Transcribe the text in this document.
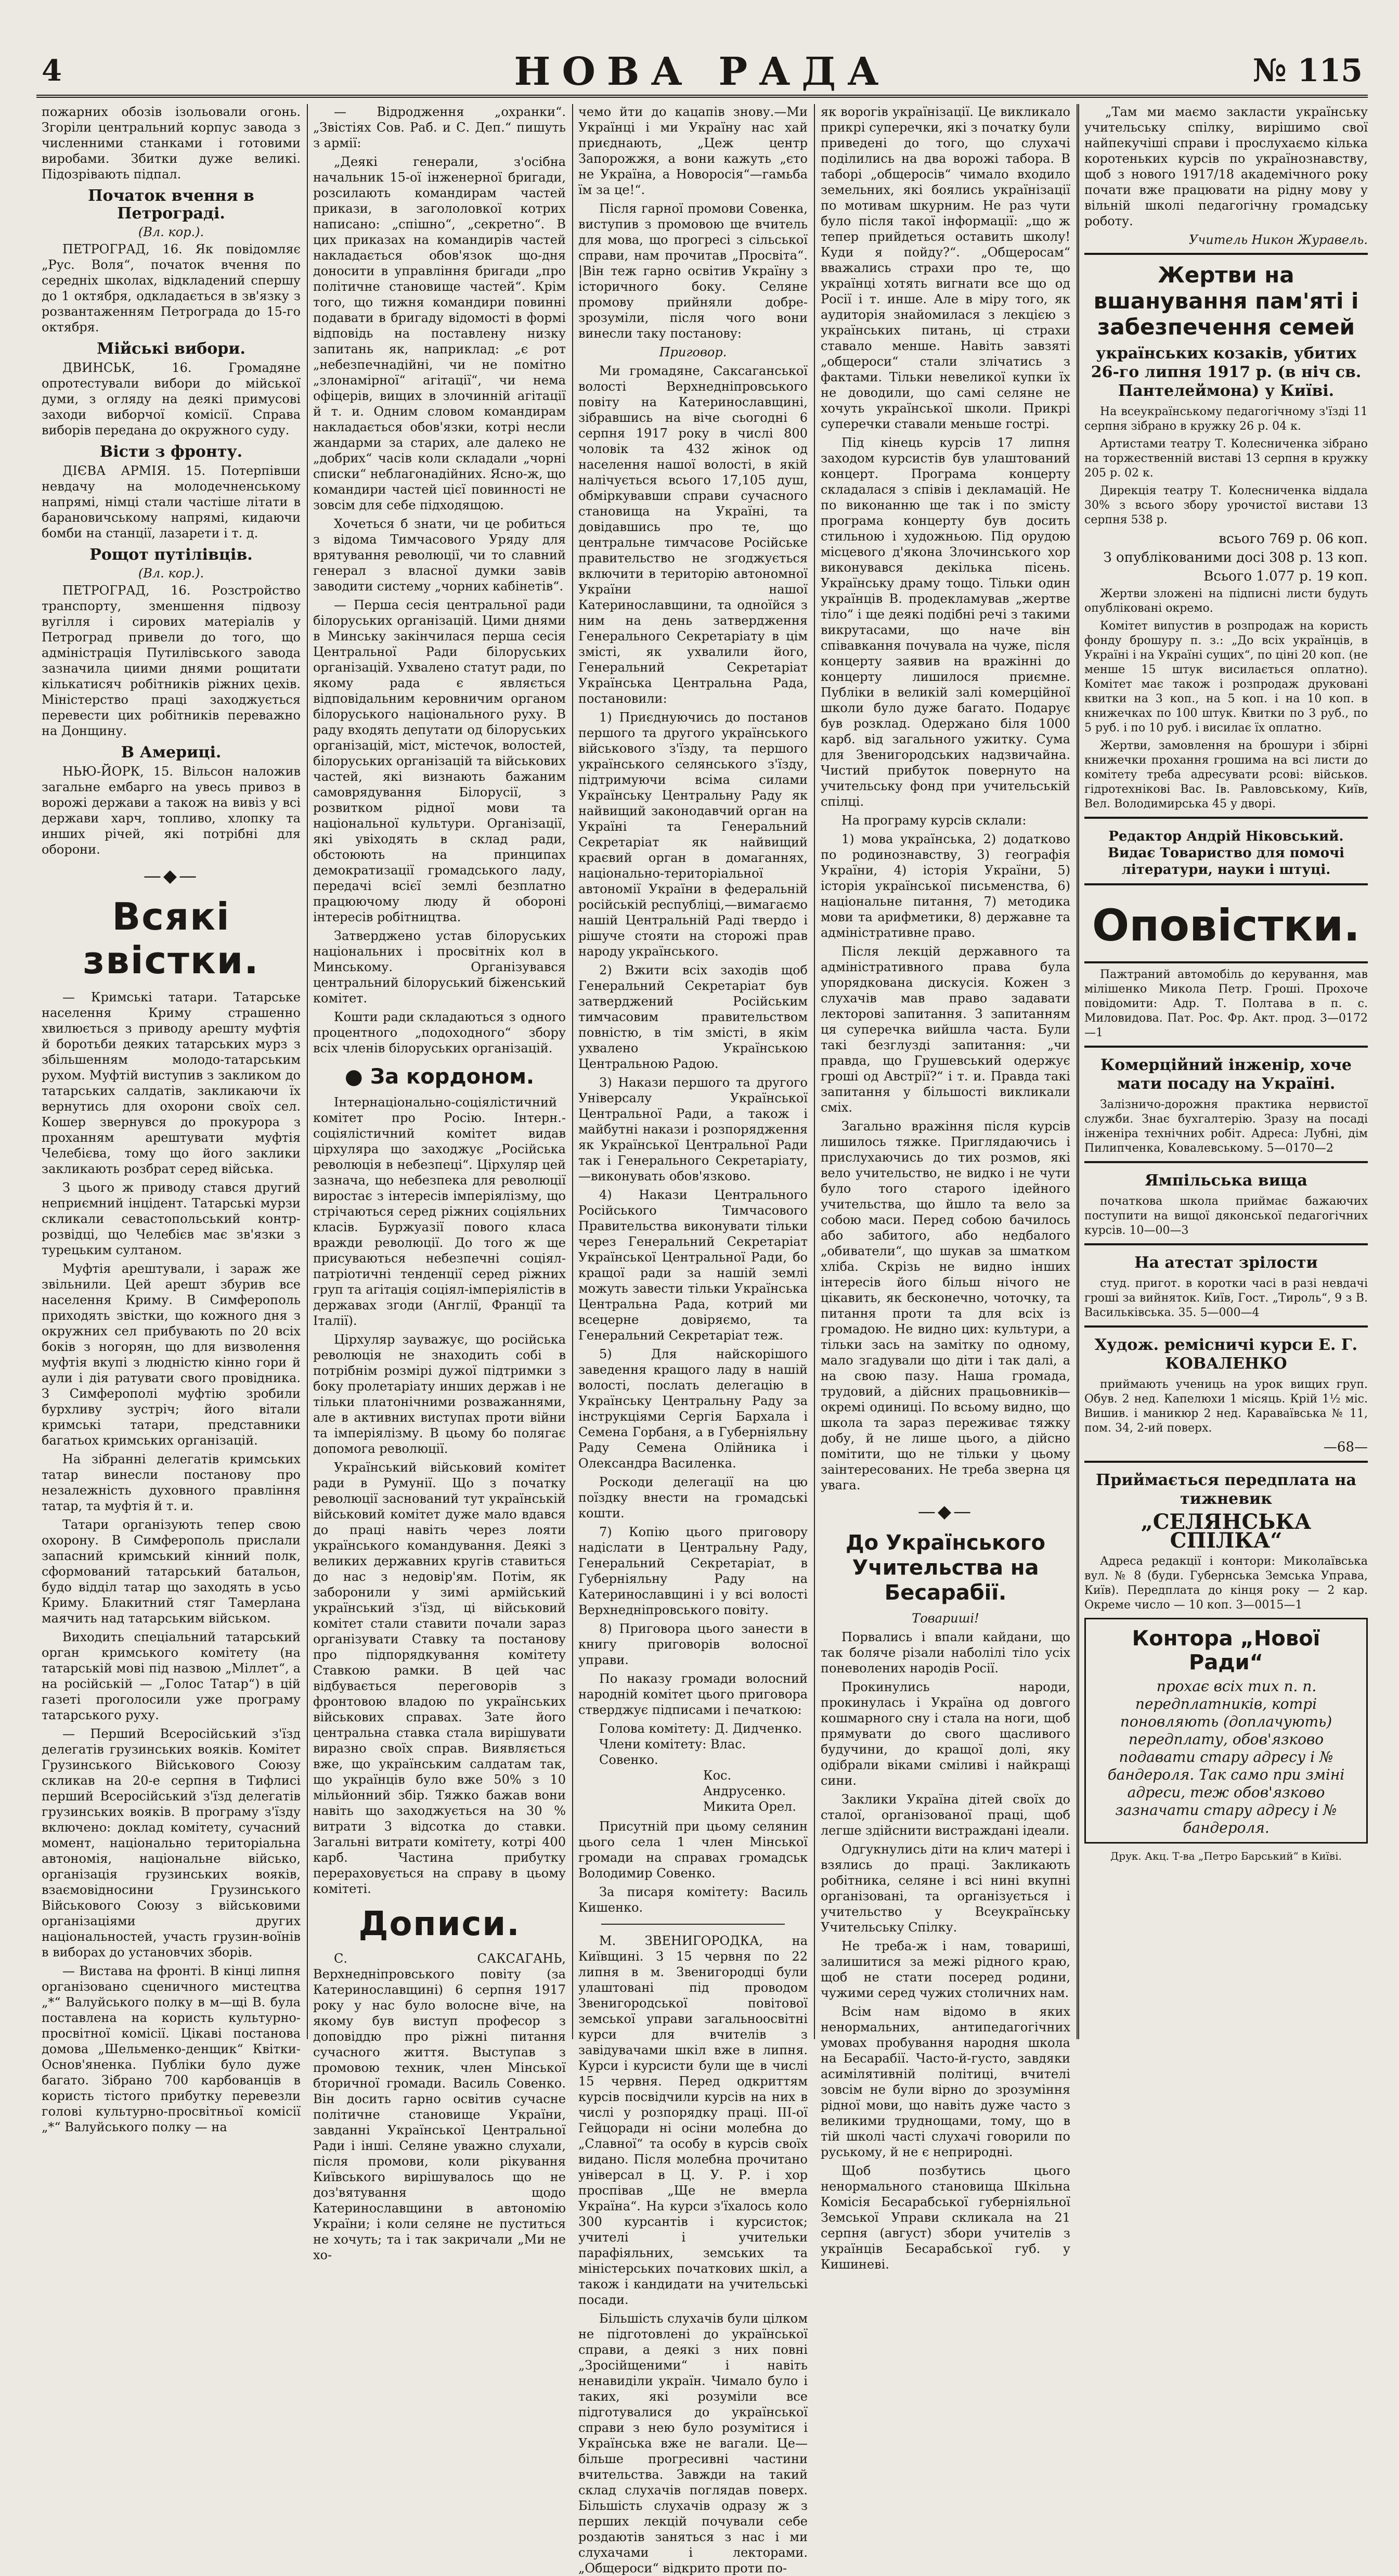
4	НОВА РАДА	№ 115

пожарних обозів ізольовали огонь. Згоріли центральний корпус завода з численними станками і готовими виробами. Збитки дуже великі. Підозрівають підпал.

Початок вчення в Петрограді.
(Вл. кор.).

ПЕТРОГРАД, 16. Як повідомляє „Рус. Воля“, початок вчення по середніх школах, відкладений спершу до 1 октября, одкладається в зв'язку з розвантаженням Петрограда до 15-го октября.

Мійські вибори.

ДВИНСЬК, 16. Громадяне опротестували вибори до мійської думи, з огляду на деякі примусові заходи виборчої комісії. Справа виборів передана до окружного суду.

Вісти з фронту.

ДІЄВА АРМІЯ. 15. Потерпівши невдачу на молодечненському напрямі, німці стали частіше літати в барановичському напрямі, кидаючи бомби на станції, лазарети і т. д.

Рощот путілівців.
(Вл. кор.).

ПЕТРОГРАД, 16. Розстройство транспорту, зменшення підвозу вугілля і сирових матеріалів у Петроград привели до того, що адміністрація Путилівського завода зазначила циими днями рощитати кількатисяч робітників ріжних цехів. Міністерство праці заходжується перевести цих робітників переважно на Донщину.

В Америці.

НЬЮ-ЙОРК, 15. Вільсон наложив загальне ембарго на увесь привоз в ворожі держави а також на вивіз у всі держави харч, топливо, хлопку та инших річей, які потрібні для оборони.

—◆—
Всякі звістки.

— Кримські татари. Татарське населення Криму страшенно хвилюється з приводу арешту муфтія й боротьби деяких татарських мурз з збільшенням молодо-татарським рухом. Муфтій виступив з закликом до татарських салдатів, закликаючи їх вернутись для охорони своїх сел. Кошер звернувся до прокурора з проханням арештувати муфтія Челебієва, тому що його заклики закликають розбрат серед війська.

З цього ж приводу стався другий неприємний інцідент. Татарські мурзи скликали севастопольський контр-розвідці, що Челебієв має зв'язки з турецьким султаном.

Муфтія арештували, і зараж же звільнили. Цей арешт збурив все населення Криму. В Симферополь приходять звістки, що кожного дня з окружних сел прибувають по 20 всіх боків з ногорян, що для визволення муфтія вкупі з людністю кінно гори й аули і дія ратувати свого провідника. З Симферополі муфтію зробили бурхливу зустріч; його вітали кримські татари, представники багатьох кримських організацій.

На зібранні делегатів кримських татар винесли постанову про незалежність духовного правління татар, та муфтія й т. и.

Татари організують тепер свою охорону. В Симферополь прислали запасний кримський кінний полк, сформований татарський батальон, будо відділ татар що заходять в усьо Криму. Блакитний стяг Тамерлана маячить над татарським військом.

Виходить спеціальний татарський орган кримського комітету (на татарській мові під назвою „Міллет“, а на російській — „Голос Татар“) в цій газеті проголосили уже програму татарського руху.

— Перший Всеросійський з'їзд делегатів грузинських вояків. Комітет Грузинського Військового Союзу скликав на 20-е серпня в Тифлисі перший Всеросійський з'їзд делегатів грузинських вояків. В програму з'їзду включено: доклад комітету, сучасний момент, національно територіальна автономія, національне військо, організація грузинських вояків, взаємовідносини Грузинського Військового Союзу з військовими організаціями других національностей, участь грузин-воїнів в виборах до установчих зборів.

— Вистава на фронті. В кінці липня організовано сценичного мистецтва „*“ Валуйського полку в м—щі В. була поставлена на користь культурно-просвітної комісії. Цікаві постанова домова „Шельменко-денщик“ Квітки-Основ'яненка. Публіки було дуже багато. Зібрано 700 карбованців в користь тістого прибутку перевезли голові культурно-просвітньої комісії „*“ Валуйського полку — на

— Відродження „охранки“. „Звістіях Сов. Раб. и С. Деп.“ пишуть з армії:

„Деякі генерали, з'осібна начальник 15-ої інженерної бригади, розсилають командирам частей прикази, в загололовкої котрих написано: „спішно“, „секретно“. В цих приказах на командирів частей накладається обов'язок що-дня доносити в управління бригади „про політичне становище частей“. Крім того, що тижня командири повинні подавати в бригаду відомості в формі відповідь на поставлену низку запитань як, наприклад: „є рот „небезпечнадійні, чи не помітно „злонамірної“ агітації“, чи нема офіцерів, вищих в злочинній агітації й т. и. Одним словом командирам накладається обов'язки, котрі несли жандарми за старих, але далеко не „добрих“ часів коли складали „чорні списки“ неблагонадійних. Ясно-ж, що командири частей цієї повинності не зовсім для себе підходящою.

Хочеться б знати, чи це робиться з відома Тимчасового Уряду для врятування революції, чи то славний генерал з власної думки завів заводити систему „чорних кабінетів“.

— Перша сесія центральної ради білоруських організацій. Цими днями в Минську закінчилася перша сесія Центральної Ради білоруських організацій. Ухвалено статут ради, по якому рада є являється відповідальним керовничим органом білоруського національного руху. В раду входять депутати од білоруських організацій, міст, містечок, волостей, білоруських організацій та військових частей, які визнають бажаним самоврядування Білорусії, з розвитком рідної мови та національної культури. Організації, які увіходять в склад ради, обстоюють на принципах демократизації громадського ладу, передачі всієї землі безплатно працюючому люду й обороні інтересів робітництва.

Затверджено устав білоруських національних і просвітніх кол в Минському. Організувався центральний білоруський біженський комітет.

Кошти ради складаються з одного процентного „подоходного“ збору всіх членів білоруських організацій.

● За кордоном.

Інтернаціонально-соціялістичний комітет про Росію. Інтерн.-соціялістичний комітет видав цірхуляра що заходжує „Російська революція в небезпеці“. Цірхуляр цей зазнача, що небезпека для революції виростає з інтересів імперіялізму, що стрічаються серед ріжних соціяльних класів. Буржуазії пового класа вражди революції. До того ж ще присуваються небезпечні соціял-патріотичні тенденції серед ріжних груп та агітація соціял-імперіялістів в державах згоди (Англії, Франції та Італії).

Цірхуляр зауважує, що російська революція не знаходить собі в потрібнім розмірі дужої підтримки з боку пролетаріату инших держав і не тільки платонічними розважаннями, але в активних виступах проти війни та імперіялізму. В цьому бо полягає допомога революції.

Український військовий комітет ради в Румунії. Що з початку революції заснований тут українській військовий комітет дуже мало вдався до праці навіть через лояти українського командування. Деякі з великих державних кругів ставиться до нас з недовір'ям. Потім, як заборонили у зимі армійський український з'їзд, ці військовий комітет стали ставити почали зараз організувати Ставку та постанову про підпорядкування комітету Ставкою рамки. В цей час відбувається переговорів з фронтовою владою по українських військових справах. Зате його центральна ставка стала вирішувати виразно своїх справ. Виявляється вже, що українським салдатам так, що українців було вже 50% з 10 мільйонний збір. Тяжко бажав вони навіть що заходжується на 30 % витрати 3 відсотка до ставки. Загальні витрати комітету, котрі 400 карб. Частина прибутку перераховується на справу в цьому комітеті.

Дописи.

С. САКСАГАНЬ, Верхнедніпровського повіту (за Катеринославщині) 6 серпня 1917 року у нас було волосне віче, на якому був виступ професор з доповіддю про ріжні питання сучасного життя. Выступав з промовою техник, член Мінської бторичної громади. Василь Совенко. Він досить гарно освітив сучасне політичне становище України, завданні Української Центральної Ради і інші. Селяне уважно слухали, після промови, коли рікування Київського вирішувалось що не доз'вятування щодо Катеринославщини в автономію України; і коли селяне не пуститься не хочуть; та і так закричали „Ми не хо-

чемо йти до кацапів знову.—Ми Українці і ми Україну нас хай приєднають, „Цеж центр Запорожжя, а вони кажуть „єто не Україна, а Новоросія“—гамьба їм за це!“.

Після гарної промови Совенка, виступив з промовою ще вчитель для мова, що прогресі з сільської справи, нам прочитав „Просвіта“. |Він теж гарно освітив Україну з історичного боку. Селяне промову прийняли добре-зрозуміли, після чого вони винесли таку постанову:

Приговор.

Ми громадяне, Саксаганської волості Верхнедніпровського повіту на Катеринославщині, зібравшись на віче сьогодні 6 серпня 1917 року в числі 800 чоловік та 432 жінок од населення нашої волості, в якій налічується всього 17,105 душ, обміркувавши справи сучасного становища на Україні, та довідавшись про те, що центральне тимчасове Російське правительство не згоджується включити в територію автономної України нашої Катеринославщини, та одноїйся з ним на день затвердження Генерального Секретаріату в цім змісті, як ухвалили його, Генеральний Секретаріат Українська Центральна Рада, постановили:

1) Приєднуючись до постанов першого та другого українського військового з'їзду, та першого українського селянського з'їзду, підтримуючи всіма силами Українську Центральну Раду як найвищий законодавчий орган на Україні та Генеральний Секретаріат як найвищий краєвий орган в домаганнях, національно-територіальної автономії України в федеральній російській республіці,—вимагаємо нашій Центральній Раді твердо і рішуче стояти на сторожі прав народу українського.

2) Вжити всіх заходів щоб Генеральний Секретаріат був затверджений Російським тимчасовим правительством повністю, в тім змісті, в якім ухвалено Українською Центральною Радою.

3) Накази першого та другого Універсалу Української Центральної Ради, а також і майбутні накази і розпорядження як Української Центральної Ради так і Генерального Секретаріату,—виконувать обов'язково.

4) Накази Центрального Російського Тимчасового Правительства виконувати тільки через Генеральний Секретаріат Української Центральної Ради, бо кращої ради за нашій землі можуть завести тільки Українська Центральна Рада, котрий ми всецерне довіряємо, та Генеральний Секретаріат теж.

5) Для найскорішого заведення кращого ладу в нашій волості, послать делегацію в Українську Центральну Раду за інструкціями Сергія Бархала і Семена Горбаня, а в Губерніяльну Раду Семена Олійника і Олександра Василенка.

Роскоди делегації на цю поїздку внести на громадські кошти.

7) Копію цього приговору надіслати в Центральну Раду, Генеральний Секретаріат, в Губерніяльну Раду на Катеринославщині і у всі волості Верхнедніпровського повіту.

8) Приговора цього занести в книгу приговорів волосної управи.

По наказу громади волосний народній комітет цього приговора стверджує підписами і печаткою:

Голова комітету: Д. Дидченко.
Члени комітету: Влас. Совенко.
Кос. Андрусенко.
Микита Орел.

Присутній при цьому селянин цього села 1 член Мінської громади на справах громадськ Володимир Совенко.

За писаря комітету: Василь Кишенко.

М. ЗВЕНИГОРОДКА, на Київщині. З 15 червня по 22 липня в м. Звенигородці були улаштовані під проводом Звенигородської повітової земської управи загальноосвітні курси для вчителів з завідувачами шкіл вже в липня. Курси і курсисти були ще в числі 15 червня. Перед одкриттям курсів посвідчили курсів на них в числі у розпорядку праці. ІІІ-ої Гейцоради ні осіни молебна до „Славної“ та особу в курсів своїх видано. Після молебна прочитано універсал в Ц. У. Р. і хор проспівав „Ще не вмерла Україна“. На курси з'їхалось коло 300 курсантів і курсисток; учителі і учительки парафіяльних, земських та міністерських початкових шкіл, а також і кандидати на учительські посади.

Більшість слухачів були цілком не підготовлені до української справи, а деякі з них повні „Зросійщеними“ і навіть ненавиділи україн. Чимало було і таких, які розуміли все підготувалися до української справи з нею було розумітися і Українська вже не вагали. Це—більше прогресивні частини вчительства. Завжди на такий склад слухачів поглядав поверх. Більшість слухачів одразу ж з перших лекцій почували себе роздаютів заняться з нас і ми слухачами і лекторами. „Общероси“ відкрито проти по-

як ворогів українізації. Це викликало прикрі суперечки, які з початку були приведені до того, що слухачі поділились на два ворожі табора. В таборі „общеросів“ чимало входило земельних, які боялись українізації по мотивам шкурним. Не раз чути було після такої інформації: „що ж тепер прийдеться оставить школу! Куди я пойду?“. „Общеросам“ вважались страхи про те, що українці хотять вигнати все що од Росії і т. инше. Але в міру того, як аудиторія знайомилася з лекцією з українських питань, ці страхи ставало менше. Навіть завзяті „общероси“ стали злічатись з фактами. Тільки невеликої купки їх не доводили, що самі селяне не хочуть української школи. Прикрі суперечки ставали меньше гострі.

Під кінець курсів 17 липня заходом курсистів був улаштований концерт. Програма концерту складалася з співів і декламацій. Не по виконанню ще так і по змісту програма концерту був досить стильною і художньою. Під орудою місцевого д'якона Злочинського хор виконувався декілька пісень. Українську драму тощо. Тільки один українців В. продекламував „жертве тіло“ і ще деякі подібні речі з такими викрутасами, що наче він співавкання почувала на чуже, після концерту заявив на вражінні до концерту лишилося приємне. Публіки в великій залі комерційної школи було дуже багато. Подарує був розклад. Одержано біля 1000 карб. від загального ужитку. Сума для Звенигородських надзвичайна. Чистий прибуток повернуто на учительську фонд при учительській спілці.

На програму курсів склали:

1) мова українська, 2) додатково по родинознавству, 3) географія України, 4) історія України, 5) історія української письменства, 6) національне питання, 7) методика мови та арифметики, 8) державне та адміністративне право.

Після лекцій державного та адміністративного права була упорядкована дискусія. Кожен з слухачів мав право задавати лекторові запитання. З запитанням ця суперечка вийшла часта. Були такі безглузді запитання: „чи правда, що Грушевський одержує гроші од Австрії?“ і т. и. Правда такі запитання у більшості викликали сміх.

Загально вражіння після курсів лишилось тяжке. Приглядаючись і прислухаючись до тих розмов, які вело учительство, не видко і не чути було того старого ідейного учительства, що йшло та вело за собою маси. Перед собою бачилось або забитого, або недбалого „обиватели“, що шукав за шматком хліба. Скрізь не видно інших інтересів його більш нічого не цікавить, як бесконечно, чоточку, та питання проти та для всіх із громадою. Не видно цих: культури, а тільки зась на замітку по одному, мало згадували що діти і так далі, а на свою пазу. Наша громада, трудовий, а дійсних працьовників—окремі одиниці. По всьому видно, що школа та зараз переживає тяжку добу, й не лише цього, а дійсно помітити, що не тільки у цьому заінтересованих. Не треба зверна ця увага.

—◆—
До Українського Учительства на Бесарабії.
Товариші!

Порвались і впали кайдани, що так боляче різали наболілі тіло усіх поневолених народів Росії.

Прокинулись народи, прокинулась і Україна од довгого кошмарного сну і стала на ноги, щоб прямувати до свого щасливого будучини, до кращої долі, яку одібрали віками сміливі і найкращі сини.

Заклики Україна дітей своїх до сталої, організованої праці, щоб легше здійснити вистраждані ідеали.

Одгукнулись діти на клич матері і взялись до праці. Закликають робітника, селяне і всі нині вкупні організовані, та організується і учительство у Всеукраїнську Учительську Спілку.

Не треба-ж і нам, товариші, залишитися за межі рідного краю, щоб не стати посеред родини, чужими серед чужих столичних нам.

Всім нам відомо в яких ненормальних, антипедагогічних умовах пробування народня школа на Бесарабії. Часто-й-густо, завдяки асимілятивній політиці, вчителі зовсім не були вірно до зрозуміння рідної мови, що навіть дуже часто з великими труднощами, тому, що в тій школі часті слухачі говорили по руському, й не є неприродні.

Щоб позбутись цього ненормального становища Шкільна Комісія Бесарабської губерніяльної Земської Управи скликала на 21 серпня (август) збори учителів з українців Бесарабської губ. у Кишиневі.

„Там ми маємо закласти українську учительську спілку, вирішимо свої найпекучіші справи і прослухаємо кілька коротеньких курсів по українознавству, щоб з нового 1917/18 академічного року почати вже працювати на рідну мову у вільній школі педагогічну громадську роботу.

Учитель Никон Журавель.
Жертви на вшанування пам'яті і забезпечення семей
українських козаків, убитих 26-го липня 1917 р. (в ніч св. Пантелеймона) у Київі.

На всеукраїнському педагогічному з'їзді 11 серпня зібрано в кружку 26 р. 04 к.

Артистами театру Т. Колесниченка зібрано на торжественній виставі 13 серпня в кружку 205 р. 02 к.

Дирекція театру Т. Колесниченка віддала 30% з всього збору урочистої вистави 13 серпня 538 р.

всього 769 р. 06 коп.
З опублікованими досі 308 р. 13 коп.
Всього 1.077 р. 19 коп.

Жертви зложені на підписні листи будуть опубліковані окремо.

Комітет випустив в розпродаж на користь фонду брошуру п. з.: „До всіх українців, в Україні і на Україні сущих“, по ціні 20 коп. (не менше 15 штук висилається оплатно). Комітет має також і розпродаж друковані квитки на 3 коп., на 5 коп. і на 10 коп. в книжечках по 100 штук. Квитки по 3 руб., по 5 руб. і по 10 руб. і висилає їх оплатно.

Жертви, замовлення на брошури і збірні книжечки прохання грошима на всі листи до комітету треба адресувати рсові: військов. гідротехнікові Вас. Ів. Равловському, Київ, Вел. Володимирська 45 у дворі.

Редактор Андрій Ніковський. Видає Товариство для помочі літератури, науки і штуці.
Оповістки.

Пажтраний автомобіль до керування, мав мілішенко Микола Петр. Гроші. Прохоче повідомити: Адр. Т. Полтава в п. с. Миловидова. Пат. Рос. Фр. Акт. прод. 3—0172—1

Комерційний інженір, хоче мати посаду на Україні.

Залізничо-дорожня практика нервистої служби. Знає бухгалтерію. Зразу на посаді інженіра технічних робіт. Адреса: Лубні, дім Пилипченка, Ковалевському. 5—0170—2

Ямпільська вища

початкова школа приймає бажаючих поступити на вищої дяконської педагогічних курсів. 10—00—3

На атестат зрілости

студ. пригот. в коротки часі в разі невдачі гроші за вийняток. Київ, Гост. „Тироль“, 9 з В. Васильківська. 35. 5—000—4

Худож. ремісничі курси Е. Г. КОВАЛЕНКО

приймають учениць на урок вищих груп. Обув. 2 нед. Капелюхи 1 місяць. Крій 1½ міс. Вишив. і маникюр 2 нед. Караваївська № 11, пом. 34, 2-ий поверх.

—68—
Приймається передплата на тижневик
„СЕЛЯНСЬКА СПІЛКА“

Адреса редакції і контори: Миколаївська вул. № 8 (буди. Губернська Земська Управа, Київ). Передплата до кінця року — 2 кар. Окреме число — 10 коп. 3—0015—1

Контора „Нової Ради“

прохає всіх тих п. п. передплатників, котрі поновляють (доплачують) передплату, обов'язково подавати стару адресу і № бандероля. Так само при зміні адреси, теж обов'язково зазначати стару адресу і № бандероля.

Друк. Акц. Т-ва „Петро Барський“ в Київі.
